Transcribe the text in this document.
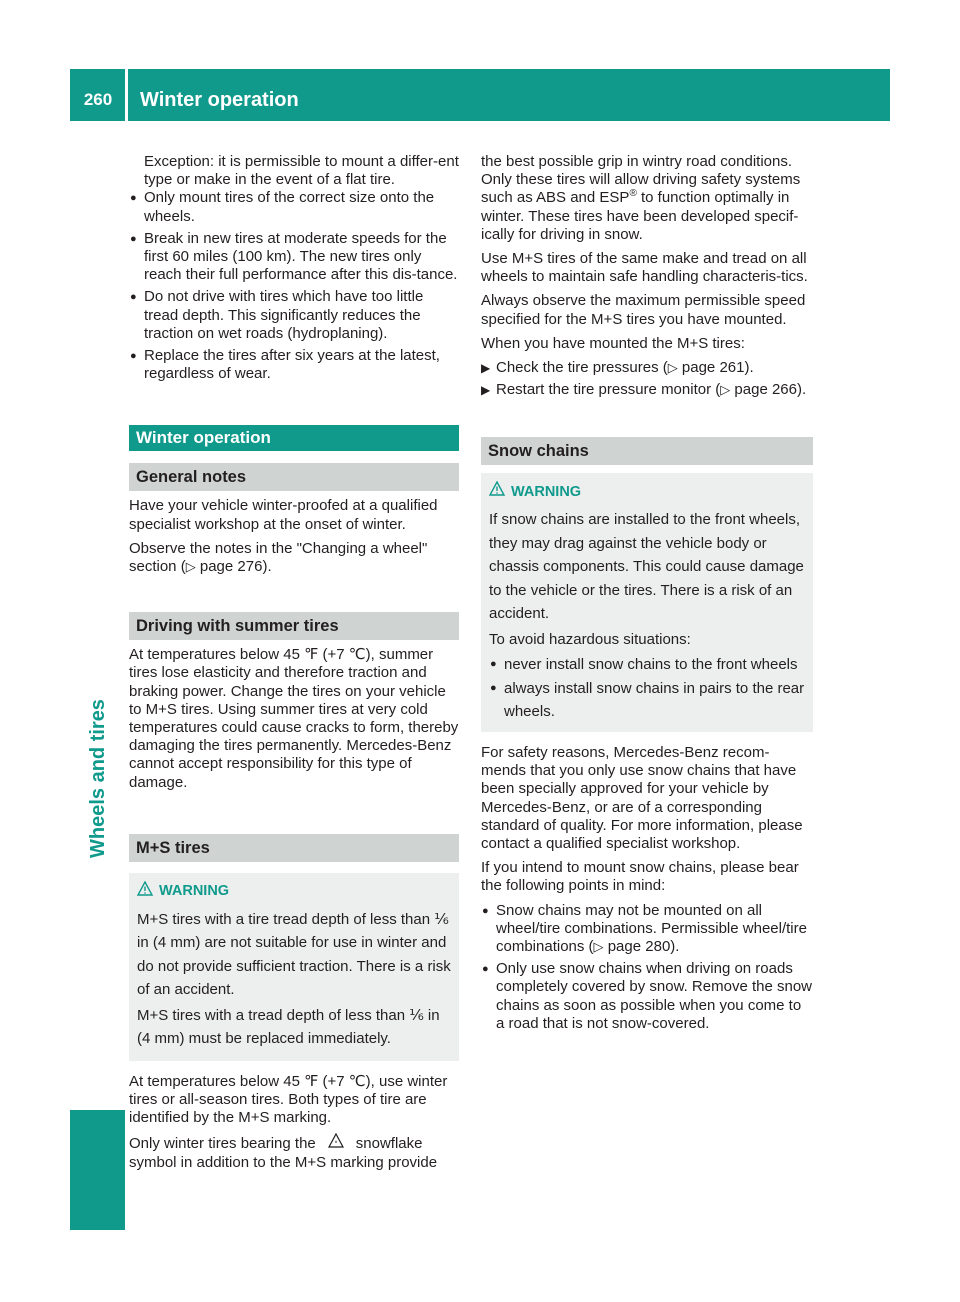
260	Winter operation
Wheels and tires

Exception: it is permissible to mount a differ-ent type or make in the event of a flat tire.

● Only mount tires of the correct size onto the wheels.
● Break in new tires at moderate speeds for the first 60 miles (100 km). The new tires only reach their full performance after this dis-tance.
● Do not drive with tires which have too little tread depth. This significantly reduces the traction on wet roads (hydroplaning).
● Replace the tires after six years at the latest, regardless of wear.
Winter operation
General notes

Have your vehicle winter-proofed at a qualified specialist workshop at the onset of winter.

Observe the notes in the "Changing a wheel" section (▷ page 276).

Driving with summer tires

At temperatures below 45 ℉ (+7 ℃), summer tires lose elasticity and therefore traction and braking power. Change the tires on your vehicle to M+S tires. Using summer tires at very cold temperatures could cause cracks to form, thereby damaging the tires permanently. Mercedes-Benz cannot accept responsibility for this type of damage.

M+S tires
WARNING

M+S tires with a tire tread depth of less than ⅙ in (4 mm) are not suitable for use in winter and do not provide sufficient traction. There is a risk of an accident.

M+S tires with a tread depth of less than ⅙ in (4 mm) must be replaced immediately.

At temperatures below 45 ℉ (+7 ℃), use winter tires or all-season tires. Both types of tire are identified by the M+S marking.

Only winter tires bearing the	* snowflake symbol in addition to the M+S marking provide

the best possible grip in wintry road conditions. Only these tires will allow driving safety systems such as ABS and ESP® to function optimally in winter. These tires have been developed specif-ically for driving in snow.

Use M+S tires of the same make and tread on all wheels to maintain safe handling characteris-tics.

Always observe the maximum permissible speed specified for the M+S tires you have mounted.

When you have mounted the M+S tires:

▶ Check the tire pressures (▷ page 261).
▶ Restart the tire pressure monitor (▷ page 266).
Snow chains
WARNING

If snow chains are installed to the front wheels, they may drag against the vehicle body or chassis components. This could cause damage to the vehicle or the tires. There is a risk of an accident.

To avoid hazardous situations:

● never install snow chains to the front wheels
● always install snow chains in pairs to the rear wheels.

For safety reasons, Mercedes-Benz recom-mends that you only use snow chains that have been specially approved for your vehicle by Mercedes-Benz, or are of a corresponding standard of quality. For more information, please contact a qualified specialist workshop.

If you intend to mount snow chains, please bear the following points in mind:

● Snow chains may not be mounted on all wheel/tire combinations. Permissible wheel/tire combinations (▷ page 280).
● Only use snow chains when driving on roads completely covered by snow. Remove the snow chains as soon as possible when you come to a road that is not snow-covered.
